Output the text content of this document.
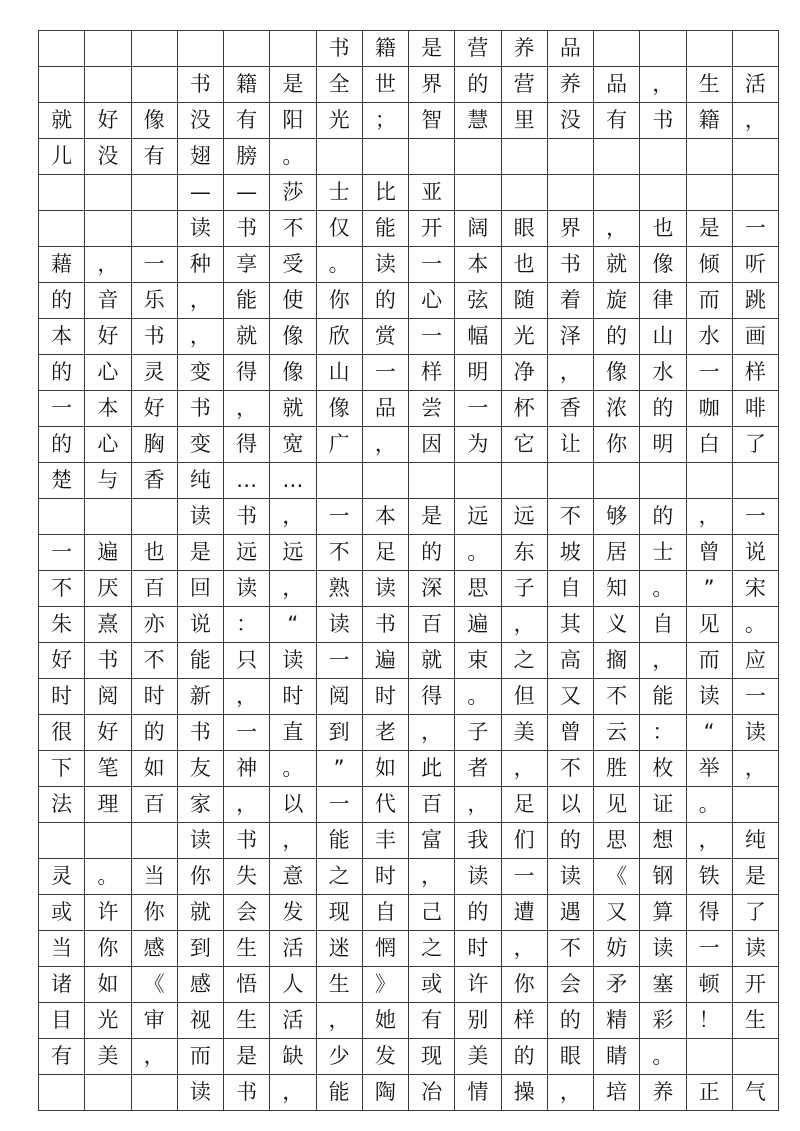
						书	籍	是	营	养	品				
			书	籍	是	全	世	界	的	营	养	品	，	生	活
就	好	像	没	有	阳	光	；	智	慧	里	没	有	书	籍	，
儿	没	有	翅	膀	。										
			—	—	莎	士	比	亚							
			读	书	不	仅	能	开	阔	眼	界	，	也	是	一
藉	，	一	种	享	受	。	读	一	本	也	书	就	像	倾	听
的	音	乐	，	能	使	你	的	心	弦	随	着	旋	律	而	跳
本	好	书	，	就	像	欣	赏	一	幅	光	泽	的	山	水	画
的	心	灵	变	得	像	山	一	样	明	净	，	像	水	一	样
一	本	好	书	，	就	像	品	尝	一	杯	香	浓	的	咖	啡
的	心	胸	变	得	宽	广	，	因	为	它	让	你	明	白	了
楚	与	香	纯	…	…										
			读	书	，	一	本	是	远	远	不	够	的	，	一
一	遍	也	是	远	远	不	足	的	。	东	坡	居	士	曾	说
不	厌	百	回	读	，	熟	读	深	思	子	自	知	。	”	宋
朱	熹	亦	说	：	“	读	书	百	遍	，	其	义	自	见	。
好	书	不	能	只	读	一	遍	就	束	之	高	搁	，	而	应
时	阅	时	新	，	时	阅	时	得	。	但	又	不	能	读	一
很	好	的	书	一	直	到	老	，	子	美	曾	云	：	“	读
下	笔	如	友	神	。	”	如	此	者	，	不	胜	枚	举	，
法	理	百	家	，	以	一	代	百	，	足	以	见	证	。	
			读	书	，	能	丰	富	我	们	的	思	想	，	纯
灵	。	当	你	失	意	之	时	，	读	一	读	《	钢	铁	是
或	许	你	就	会	发	现	自	己	的	遭	遇	又	算	得	了
当	你	感	到	生	活	迷	惘	之	时	，	不	妨	读	一	读
诸	如	《	感	悟	人	生	》	或	许	你	会	矛	塞	顿	开
目	光	审	视	生	活	，	她	有	别	样	的	精	彩	！	生
有	美	，	而	是	缺	少	发	现	美	的	眼	睛	。		
			读	书	，	能	陶	冶	情	操	，	培	养	正	气
